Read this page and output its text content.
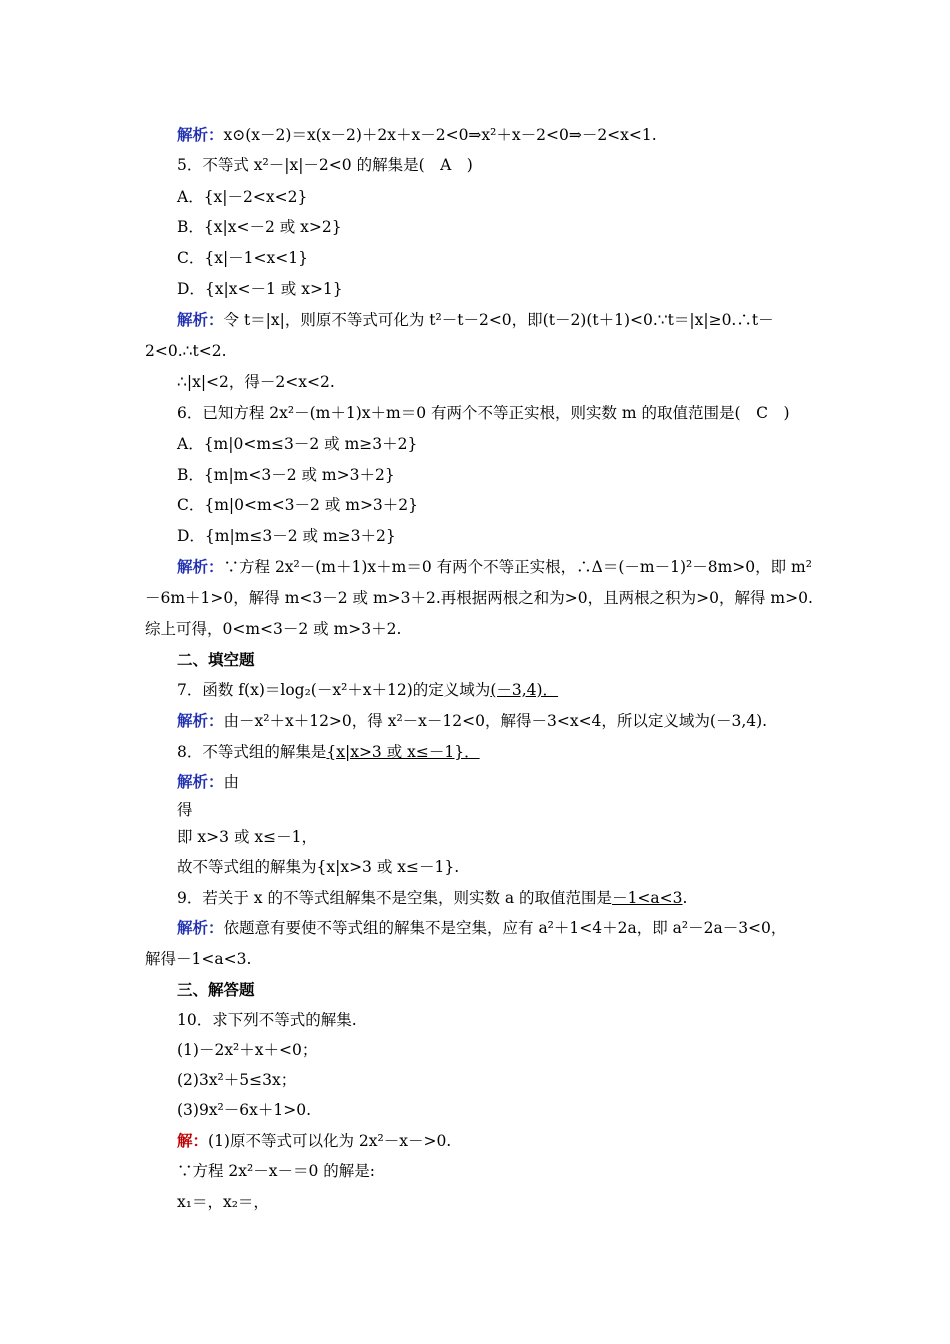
解析：x⊙(x－2)＝x(x－2)＋2x＋x－2<0⇒x²＋x－2<0⇒－2<x<1.
5．不等式 x²－|x|－2<0 的解集是(　A　)
A．{x|－2<x<2}
B．{x|x<－2 或 x>2}
C．{x|－1<x<1}
D．{x|x<－1 或 x>1}
解析：令 t＝|x|，则原不等式可化为 t²－t－2<0，即(t－2)(t＋1)<0.∵t＝|x|≥0.∴t－
2<0.∴t<2.
∴|x|<2，得－2<x<2.
6．已知方程 2x²－(m＋1)x＋m＝0 有两个不等正实根，则实数 m 的取值范围是(　C　)
A．{m|0<m≤3－2 或 m≥3＋2}
B．{m|m<3－2 或 m>3＋2}
C．{m|0<m<3－2 或 m>3＋2}
D．{m|m≤3－2 或 m≥3＋2}
解析：∵方程 2x²－(m＋1)x＋m＝0 有两个不等正实根，∴Δ＝(－m－1)²－8m>0，即 m²
－6m＋1>0，解得 m<3－2 或 m>3＋2.再根据两根之和为>0，且两根之积为>0，解得 m>0.
综上可得，0<m<3－2 或 m>3＋2.
二、填空题
7．函数 f(x)＝log₂(－x²＋x＋12)的定义域为(－3,4)．
解析：由－x²＋x＋12>0，得 x²－x－12<0，解得－3<x<4，所以定义域为(－3,4).
8．不等式组的解集是{x|x>3 或 x≤－1}．
解析：由
得
即 x>3 或 x≤－1，
故不等式组的解集为{x|x>3 或 x≤－1}.
9．若关于 x 的不等式组解集不是空集，则实数 a 的取值范围是－1<a<3.
解析：依题意有要使不等式组的解集不是空集，应有 a²＋1<4＋2a，即 a²－2a－3<0，
解得－1<a<3.
三、解答题
10．求下列不等式的解集.
(1)－2x²＋x＋<0；
(2)3x²＋5≤3x；
(3)9x²－6x＋1>0.
解：(1)原不等式可以化为 2x²－x－>0.
∵方程 2x²－x－＝0 的解是:
x₁＝，x₂＝，
